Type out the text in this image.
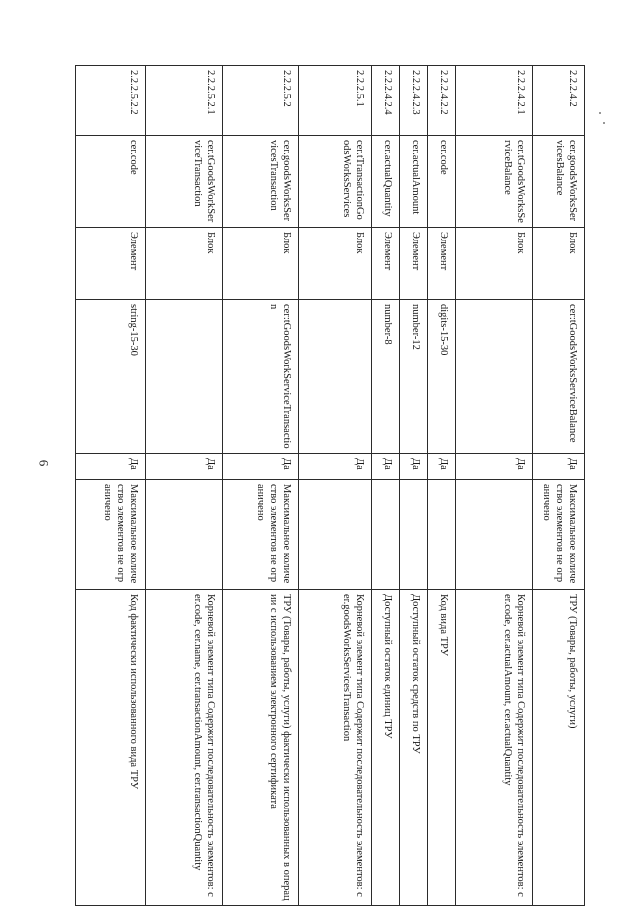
6
2.2.2.4.2	cer.goodsWorksServicesBalance	Блок	cer:tGoodsWorksServiceBalance	Да	Максимальное количество элементов не ограничено	ТРУ (Товары, работы, услуги)
2.2.2.4.2.1	cer.tGoodsWorksServiceBalance	Блок		Да		Корневой элемент типа Содержит последовательность элементов: cer.code, cer.actualAmount, cer.actualQuantity
2.2.2.4.2.2	cer.code	Элемент	digits-15-30	Да		Код вида ТРУ
2.2.2.4.2.3	cer.actualAmount	Элемент	number-12	Да		Доступный остаток средств по ТРУ
2.2.2.4.2.4	cer.actualQuantity	Элемент	number-8	Да		Доступный остаток единиц ТРУ
2.2.2.5.1	cer.tTransactionGoodsWorksServices	Блок		Да		Корневой элемент типа Содержит последовательность элементов: cer.goodsWorksServicesTransaction
2.2.2.5.2	cer.goodsWorksServicesTransaction	Блок	cer:tGoodsWorkServiceTransaction	Да	Максимальное количество элементов не ограничено	ТРУ (Товары, работы, услуги) фактически использованных в операции с использованием электронного сертификата
2.2.2.5.2.1	cer.tGoodsWorkServiceTransaction	Блок		Да		Корневой элемент типа Содержит последовательность элементов: cer.code, cer.name, cer.transactionAmount, cer.transactionQuantity
2.2.2.5.2.2	cer.code	Элемент	string-15-30	Да	Максимальное количество элементов не ограничено	Код фактически использованного вида ТРУ
